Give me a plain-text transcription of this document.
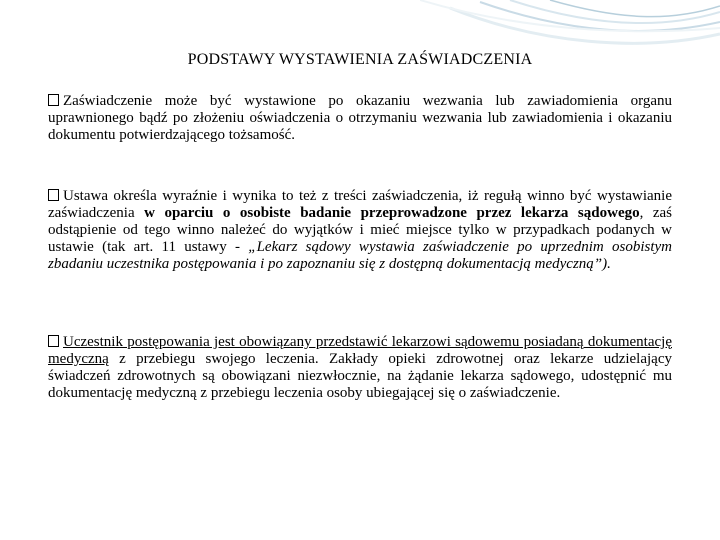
PODSTAWY WYSTAWIENIA ZAŚWIADCZENIA
Zaświadczenie może być wystawione po okazaniu wezwania lub zawiadomienia organu uprawnionego bądź po złożeniu oświadczenia o otrzymaniu wezwania lub zawiadomienia i okazaniu dokumentu potwierdzającego tożsamość.
Ustawa określa wyraźnie i wynika to też z treści zaświadczenia, iż regułą winno być wystawianie zaświadczenia w oparciu o osobiste badanie przeprowadzone przez lekarza sądowego, zaś odstąpienie od tego winno należeć do wyjątków i mieć miejsce tylko w przypadkach podanych w ustawie (tak art. 11 ustawy - „Lekarz sądowy wystawia zaświadczenie po uprzednim osobistym zbadaniu uczestnika postępowania i po zapoznaniu się z dostępną dokumentacją medyczną”).
Uczestnik postępowania jest obowiązany przedstawić lekarzowi sądowemu posiadaną dokumentację medyczną z przebiegu swojego leczenia. Zakłady opieki zdrowotnej oraz lekarze udzielający świadczeń zdrowotnych są obowiązani niezwłocznie, na żądanie lekarza sądowego, udostępnić mu dokumentację medyczną z przebiegu leczenia osoby ubiegającej się o zaświadczenie.
